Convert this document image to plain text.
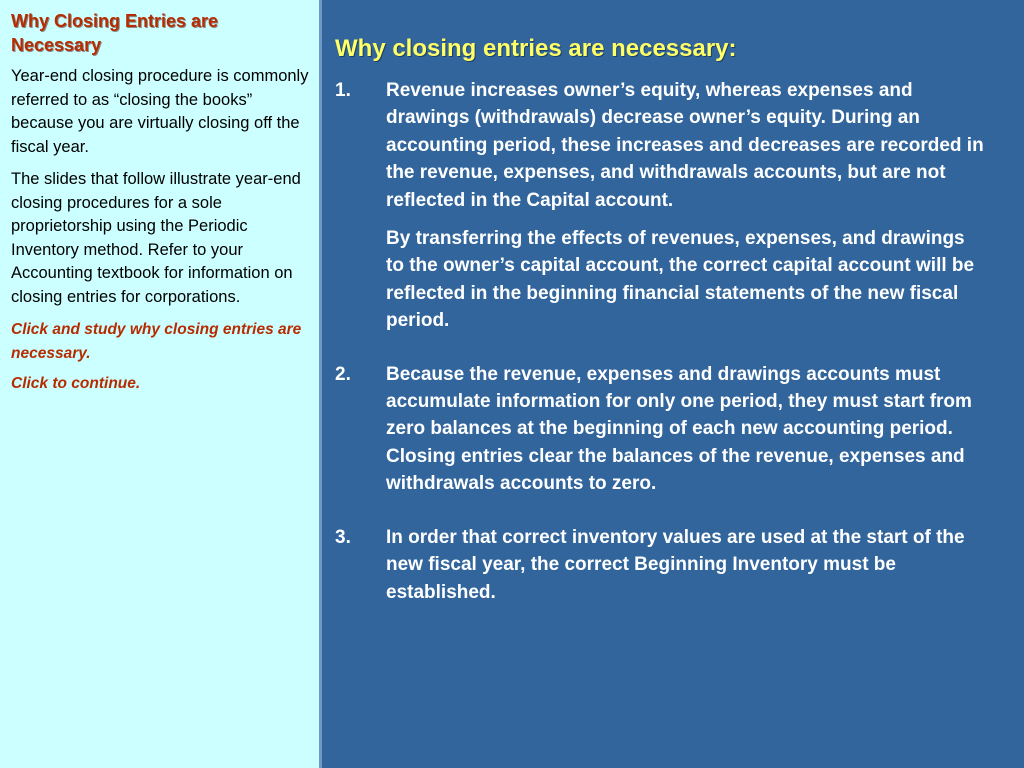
Why Closing Entries are Necessary

Year-end closing procedure is commonly referred to as “closing the books” because you are virtually closing off the fiscal year.

The slides that follow illustrate year-end closing procedures for a sole proprietorship using the Periodic Inventory method. Refer to your Accounting textbook for information on closing entries for corporations.

Click and study why closing entries are necessary.

Click to continue.

Why closing entries are necessary:
1.	Revenue increases owner’s equity, whereas expenses and drawings (withdrawals) decrease owner’s equity. During an accounting period, these increases and decreases are recorded in the revenue, expenses, and withdrawals accounts, but are not reflected in the Capital account.

By transferring the effects of revenues, expenses, and drawings to the owner’s capital account, the correct capital account will be reflected in the beginning financial statements of the new fiscal period.

2.	Because the revenue, expenses and drawings accounts must accumulate information for only one period, they must start from zero balances at the beginning of each new accounting period. Closing entries clear the balances of the revenue, expenses and withdrawals accounts to zero.

3.	In order that correct inventory values are used at the start of the new fiscal year, the correct Beginning Inventory must be established.
